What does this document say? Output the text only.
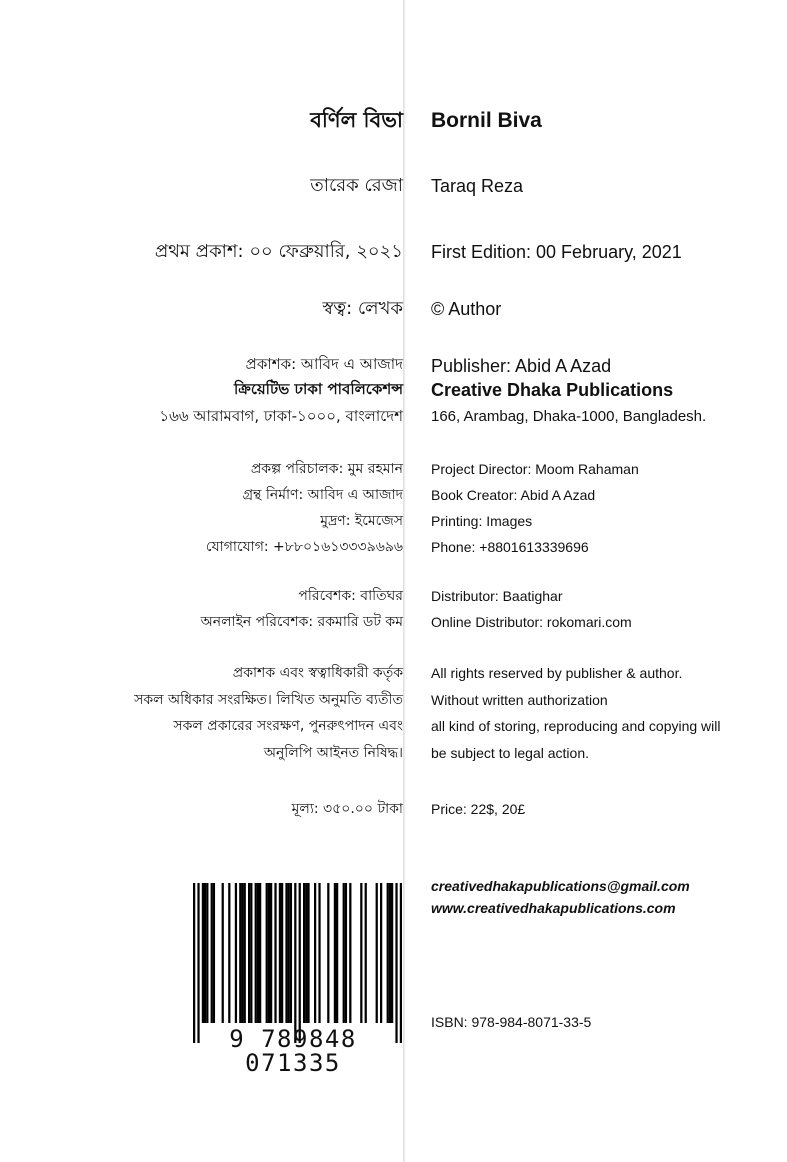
বর্ণিল বিভা
তারেক রেজা
প্রথম প্রকাশ: ০০ ফেব্রুয়ারি, ২০২১
স্বত্ব: লেখক
প্রকাশক: আবিদ এ আজাদ
ক্রিয়েটিভ ঢাকা পাবলিকেশন্স
১৬৬ আরামবাগ, ঢাকা-১০০০, বাংলাদেশ
প্রকল্প পরিচালক: মুম রহমান
গ্রন্থ নির্মাণ: আবিদ এ আজাদ
মুদ্রণ: ইমেজেস
যোগাযোগ: +৮৮০১৬১৩৩৩৯৬৯৬
পরিবেশক: বাতিঘর
অনলাইন পরিবেশক: রকমারি ডট কম
প্রকাশক এবং স্বত্বাধিকারী কর্তৃক
সকল অধিকার সংরক্ষিত। লিখিত অনুমতি ব্যতীত
সকল প্রকারের সংরক্ষণ, পুনরুৎপাদন এবং
অনুলিপি আইনত নিষিদ্ধ।
মূল্য: ৩৫০.০০ টাকা
Bornil Biva
Taraq Reza
First Edition: 00 February, 2021
© Author
Publisher: Abid A Azad
Creative Dhaka Publications
166, Arambag, Dhaka-1000, Bangladesh.
Project Director: Moom Rahaman
Book Creator: Abid A Azad
Printing: Images
Phone: +8801613339696
Distributor: Baatighar
Online Distributor: rokomari.com
All rights reserved by publisher & author.
Without written authorization
all kind of storing, reproducing and copying will
be subject to legal action.
Price: 22$, 20£
creativedhakapublications@gmail.com
www.creativedhakapublications.com
ISBN: 978-984-8071-33-5
9 789848 071335
